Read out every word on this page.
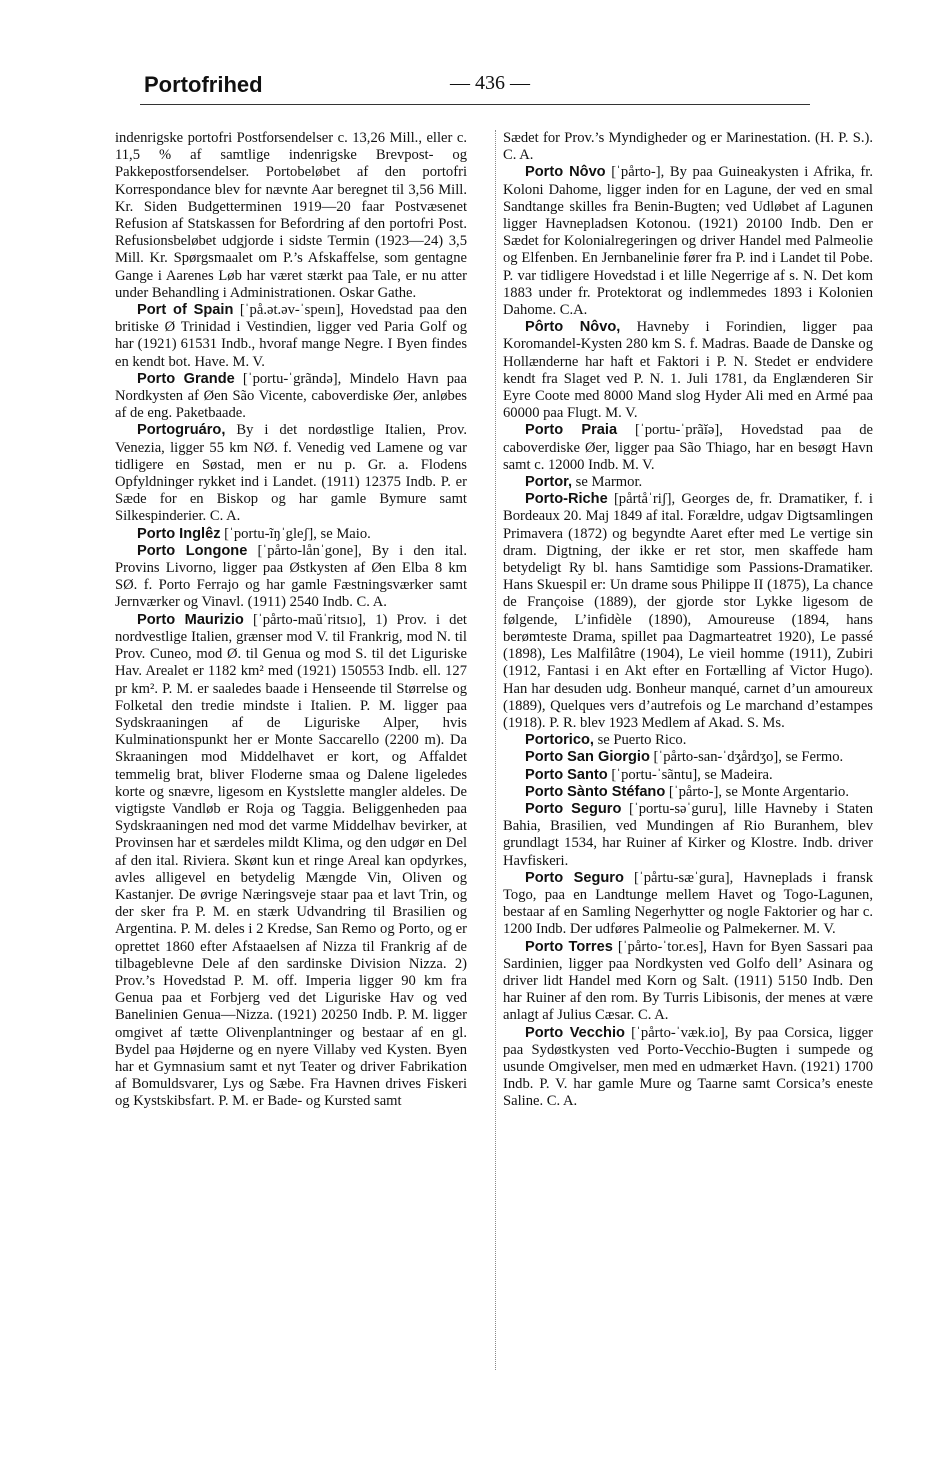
Portofrihed	— 436 —

indenrigske portofri Postforsendelser c. 13,26 Mill., eller c. 11,5 % af samtlige indenrigske Brevpost- og Pakkepostforsendelser. Portobeløbet af den portofri Korrespondance blev for nævnte Aar beregnet til 3,56 Mill. Kr. Siden Budgetterminen 1919—20 faar Postvæsenet Refusion af Statskassen for Befordring af den portofri Post. Refusionsbeløbet udgjorde i sidste Termin (1923—24) 3,5 Mill. Kr. Spørgsmaalet om P.’s Afskaffelse, som gentagne Gange i Aarenes Løb har været stærkt paa Tale, er nu atter under Behandling i Administrationen. Oskar Gathe.

Port of Spain [ˈpå.ət.əv-ˈspeın], Hovedstad paa den britiske Ø Trinidad i Vestindien, ligger ved Paria Golf og har (1921) 61531 Indb., hvoraf mange Negre. I Byen findes en kendt bot. Have. M. V.

Porto Grande [ˈportu-ˈgrãndə], Mindelo Havn paa Nordkysten af Øen São Vicente, caboverdiske Øer, anløbes af de eng. Paketbaade.

Portogruáro, By i det nordøstlige Italien, Prov. Venezia, ligger 55 km NØ. f. Venedig ved Lamene og var tidligere en Søstad, men er nu p. Gr. a. Flodens Opfyldninger rykket ind i Landet. (1911) 12375 Indb. P. er Sæde for en Biskop og har gamle Bymure samt Silkespinderier. C. A.

Porto Inglêz [ˈportu-ĩŋˈgleʃ], se Maio.

Porto Longone [ˈpårto-lånˈgone], By i den ital. Provins Livorno, ligger paa Østkysten af Øen Elba 8 km SØ. f. Porto Ferrajo og har gamle Fæstningsværker samt Jernværker og Vinavl. (1911) 2540 Indb. C. A.

Porto Maurizio [ˈpårto-maŭˈritsıo], 1) Prov. i det nordvestlige Italien, grænser mod V. til Frankrig, mod N. til Prov. Cuneo, mod Ø. til Genua og mod S. til det Liguriske Hav. Arealet er 1182 km² med (1921) 150553 Indb. ell. 127 pr km². P. M. er saaledes baade i Henseende til Størrelse og Folketal den tredie mindste i Italien. P. M. ligger paa Sydskraaningen af de Liguriske Alper, hvis Kulminationspunkt her er Monte Saccarello (2200 m). Da Skraaningen mod Middelhavet er kort, og Affaldet temmelig brat, bliver Floderne smaa og Dalene ligeledes korte og snævre, ligesom en Kystslette mangler aldeles. De vigtigste Vandløb er Roja og Taggia. Beliggenheden paa Sydskraaningen ned mod det varme Middelhav bevirker, at Provinsen har et særdeles mildt Klima, og den udgør en Del af den ital. Riviera. Skønt kun et ringe Areal kan opdyrkes, avles alligevel en betydelig Mængde Vin, Oliven og Kastanjer. De øvrige Næringsveje staar paa et lavt Trin, og der sker fra P. M. en stærk Udvandring til Brasilien og Argentina. P. M. deles i 2 Kredse, San Remo og Porto, og er oprettet 1860 efter Afstaaelsen af Nizza til Frankrig af de tilbageblevne Dele af den sardinske Division Nizza. 2) Prov.’s Hovedstad P. M. off. Imperia ligger 90 km fra Genua paa et Forbjerg ved det Liguriske Hav og ved Banelinien Genua—Nizza. (1921) 20250 Indb. P. M. ligger omgivet af tætte Olivenplantninger og bestaar af en gl. Bydel paa Højderne og en nyere Villaby ved Kysten. Byen har et Gymnasium samt et nyt Teater og driver Fabrikation af Bomuldsvarer, Lys og Sæbe. Fra Havnen drives Fiskeri og Kystskibsfart. P. M. er Bade- og Kursted samt

Sædet for Prov.’s Myndigheder og er Marinestation. (H. P. S.). C. A.

Porto Nôvo [ˈpårto-], By paa Guineakysten i Afrika, fr. Koloni Dahome, ligger inden for en Lagune, der ved en smal Sandtange skilles fra Benin-Bugten; ved Udløbet af Lagunen ligger Havnepladsen Kotonou. (1921) 20100 Indb. Den er Sædet for Kolonialregeringen og driver Handel med Palmeolie og Elfenben. En Jernbanelinie fører fra P. ind i Landet til Pobe. P. var tidligere Hovedstad i et lille Negerrige af s. N. Det kom 1883 under fr. Protektorat og indlemmedes 1893 i Kolonien Dahome. C.A.

Pôrto Nôvo, Havneby i Forindien, ligger paa Koromandel-Kysten 280 km S. f. Madras. Baade de Danske og Hollænderne har haft et Faktori i P. N. Stedet er endvidere kendt fra Slaget ved P. N. 1. Juli 1781, da Englænderen Sir Eyre Coote med 8000 Mand slog Hyder Ali med en Armé paa 60000 paa Flugt. M. V.

Porto Praia [ˈportu-ˈprãĭə], Hovedstad paa de caboverdiske Øer, ligger paa São Thiago, har en besøgt Havn samt c. 12000 Indb. M. V.

Portor, se Marmor.

Porto-Riche [pårtåˈriʃ], Georges de, fr. Dramatiker, f. i Bordeaux 20. Maj 1849 af ital. Forældre, udgav Digtsamlingen Primavera (1872) og begyndte Aaret efter med Le vertige sin dram. Digtning, der ikke er ret stor, men skaffede ham betydeligt Ry bl. hans Samtidige som Passions-Dramatiker. Hans Skuespil er: Un drame sous Philippe II (1875), La chance de Françoise (1889), der gjorde stor Lykke ligesom de følgende, L’infidèle (1890), Amoureuse (1894, hans berømteste Drama, spillet paa Dagmarteatret 1920), Le passé (1898), Les Malfilâtre (1904), Le vieil homme (1911), Zubiri (1912, Fantasi i en Akt efter en Fortælling af Victor Hugo). Han har desuden udg. Bonheur manqué, carnet d’un amoureux (1889), Quelques vers d’autrefois og Le marchand d’estampes (1918). P. R. blev 1923 Medlem af Akad. S. Ms.

Portorico, se Puerto Rico.

Porto San Giorgio [ˈpårto-san-ˈdʒårdʒo], se Fermo.

Porto Santo [ˈportu-ˈsãntu], se Madeira.

Porto Sànto Stéfano [ˈpårto-], se Monte Argentario.

Porto Seguro [ˈportu-səˈguru], lille Havneby i Staten Bahia, Brasilien, ved Mundingen af Rio Buranhem, blev grundlagt 1534, har Ruiner af Kirker og Klostre. Indb. driver Havfiskeri.

Porto Seguro [ˈpårtu-sæˈgura], Havneplads i fransk Togo, paa en Landtunge mellem Havet og Togo-Lagunen, bestaar af en Samling Negerhytter og nogle Faktorier og har c. 1200 Indb. Der udføres Palmeolie og Palmekerner. M. V.

Porto Torres [ˈpårto-ˈtor.es], Havn for Byen Sassari paa Sardinien, ligger paa Nordkysten ved Golfo dell’ Asinara og driver lidt Handel med Korn og Salt. (1911) 5150 Indb. Den har Ruiner af den rom. By Turris Libisonis, der menes at være anlagt af Julius Cæsar. C. A.

Porto Vecchio [ˈpårto-ˈvæk.io], By paa Corsica, ligger paa Sydøstkysten ved Porto-Vecchio-Bugten i sumpede og usunde Omgivelser, men med en udmærket Havn. (1921) 1700 Indb. P. V. har gamle Mure og Taarne samt Corsica’s eneste Saline. C. A.
